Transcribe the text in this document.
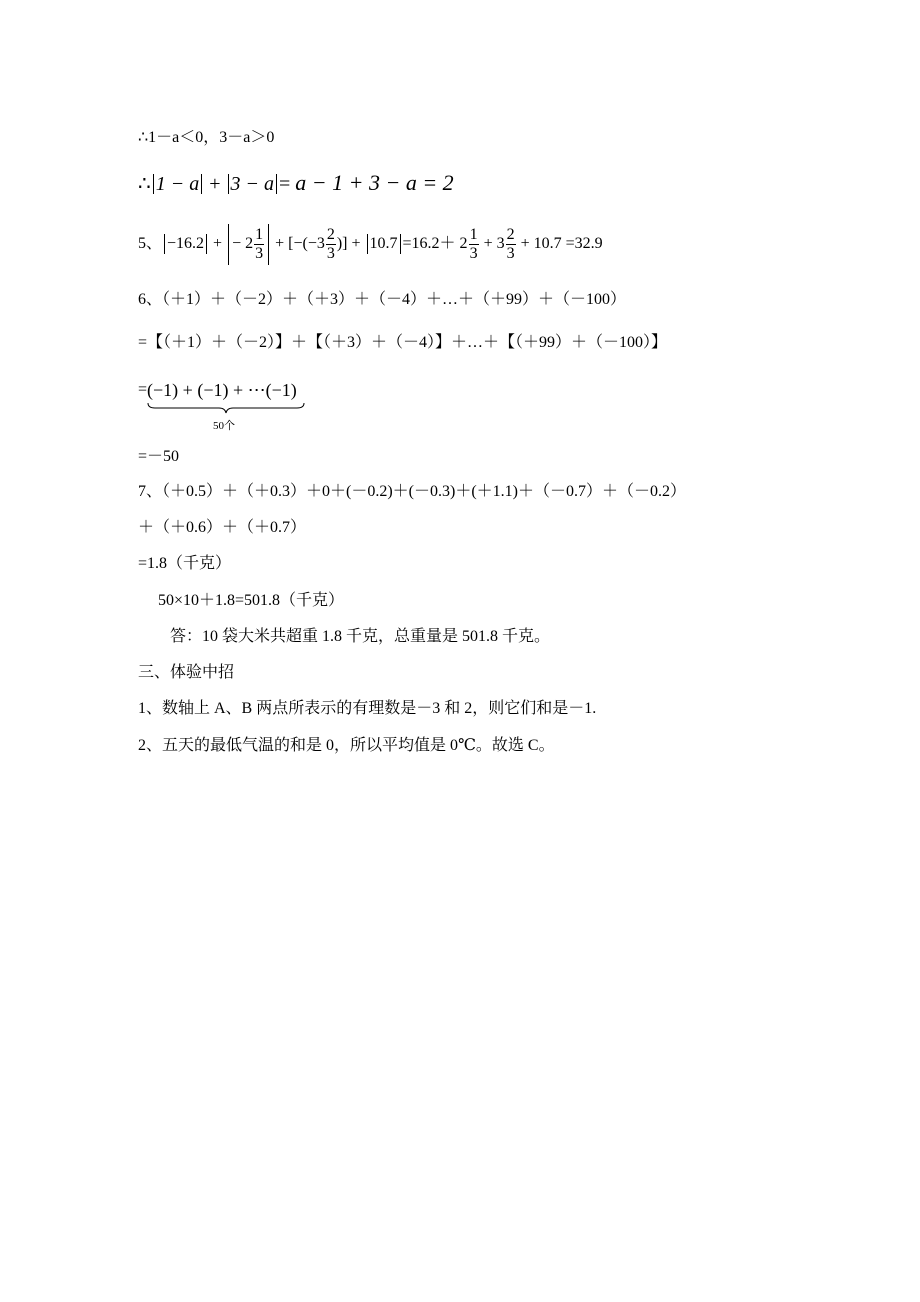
∴1－a＜0，3－a＞0
∴ 1 − a + 3 − a = a − 1 + 3 − a = 2
5、 −16.2 + − $2 \frac{1}{3} + [-(-3 \frac{2}{3}$ )] + $10.7 =16.2+ 2 \frac{1}{3} + 3 \frac{2}{3} + 10.7 =32.9$
6、（＋1）＋（－2）＋（＋3）＋（－4）＋…＋（＋99）＋（－100）
=【（＋1）＋（－2）】＋【（＋3）＋（－4）】＋…＋【（＋99）＋（－100）】
=(−1) + (−1) + ⋯(−1)
50个
=－50
7、（＋0.5）＋（＋0.3）＋0＋(－0.2)＋(－0.3)＋(＋1.1)＋（－0.7）＋（－0.2）
＋（＋0.6）＋（＋0.7）
=1.8（千克）
50×10＋1.8=501.8（千克）
答：10 袋大米共超重 1.8 千克，总重量是 501.8 千克。
三、体验中招
1、数轴上 A、B 两点所表示的有理数是－3 和 2，则它们和是－1.
2、五天的最低气温的和是 0，所以平均值是 0℃。故选 C。
